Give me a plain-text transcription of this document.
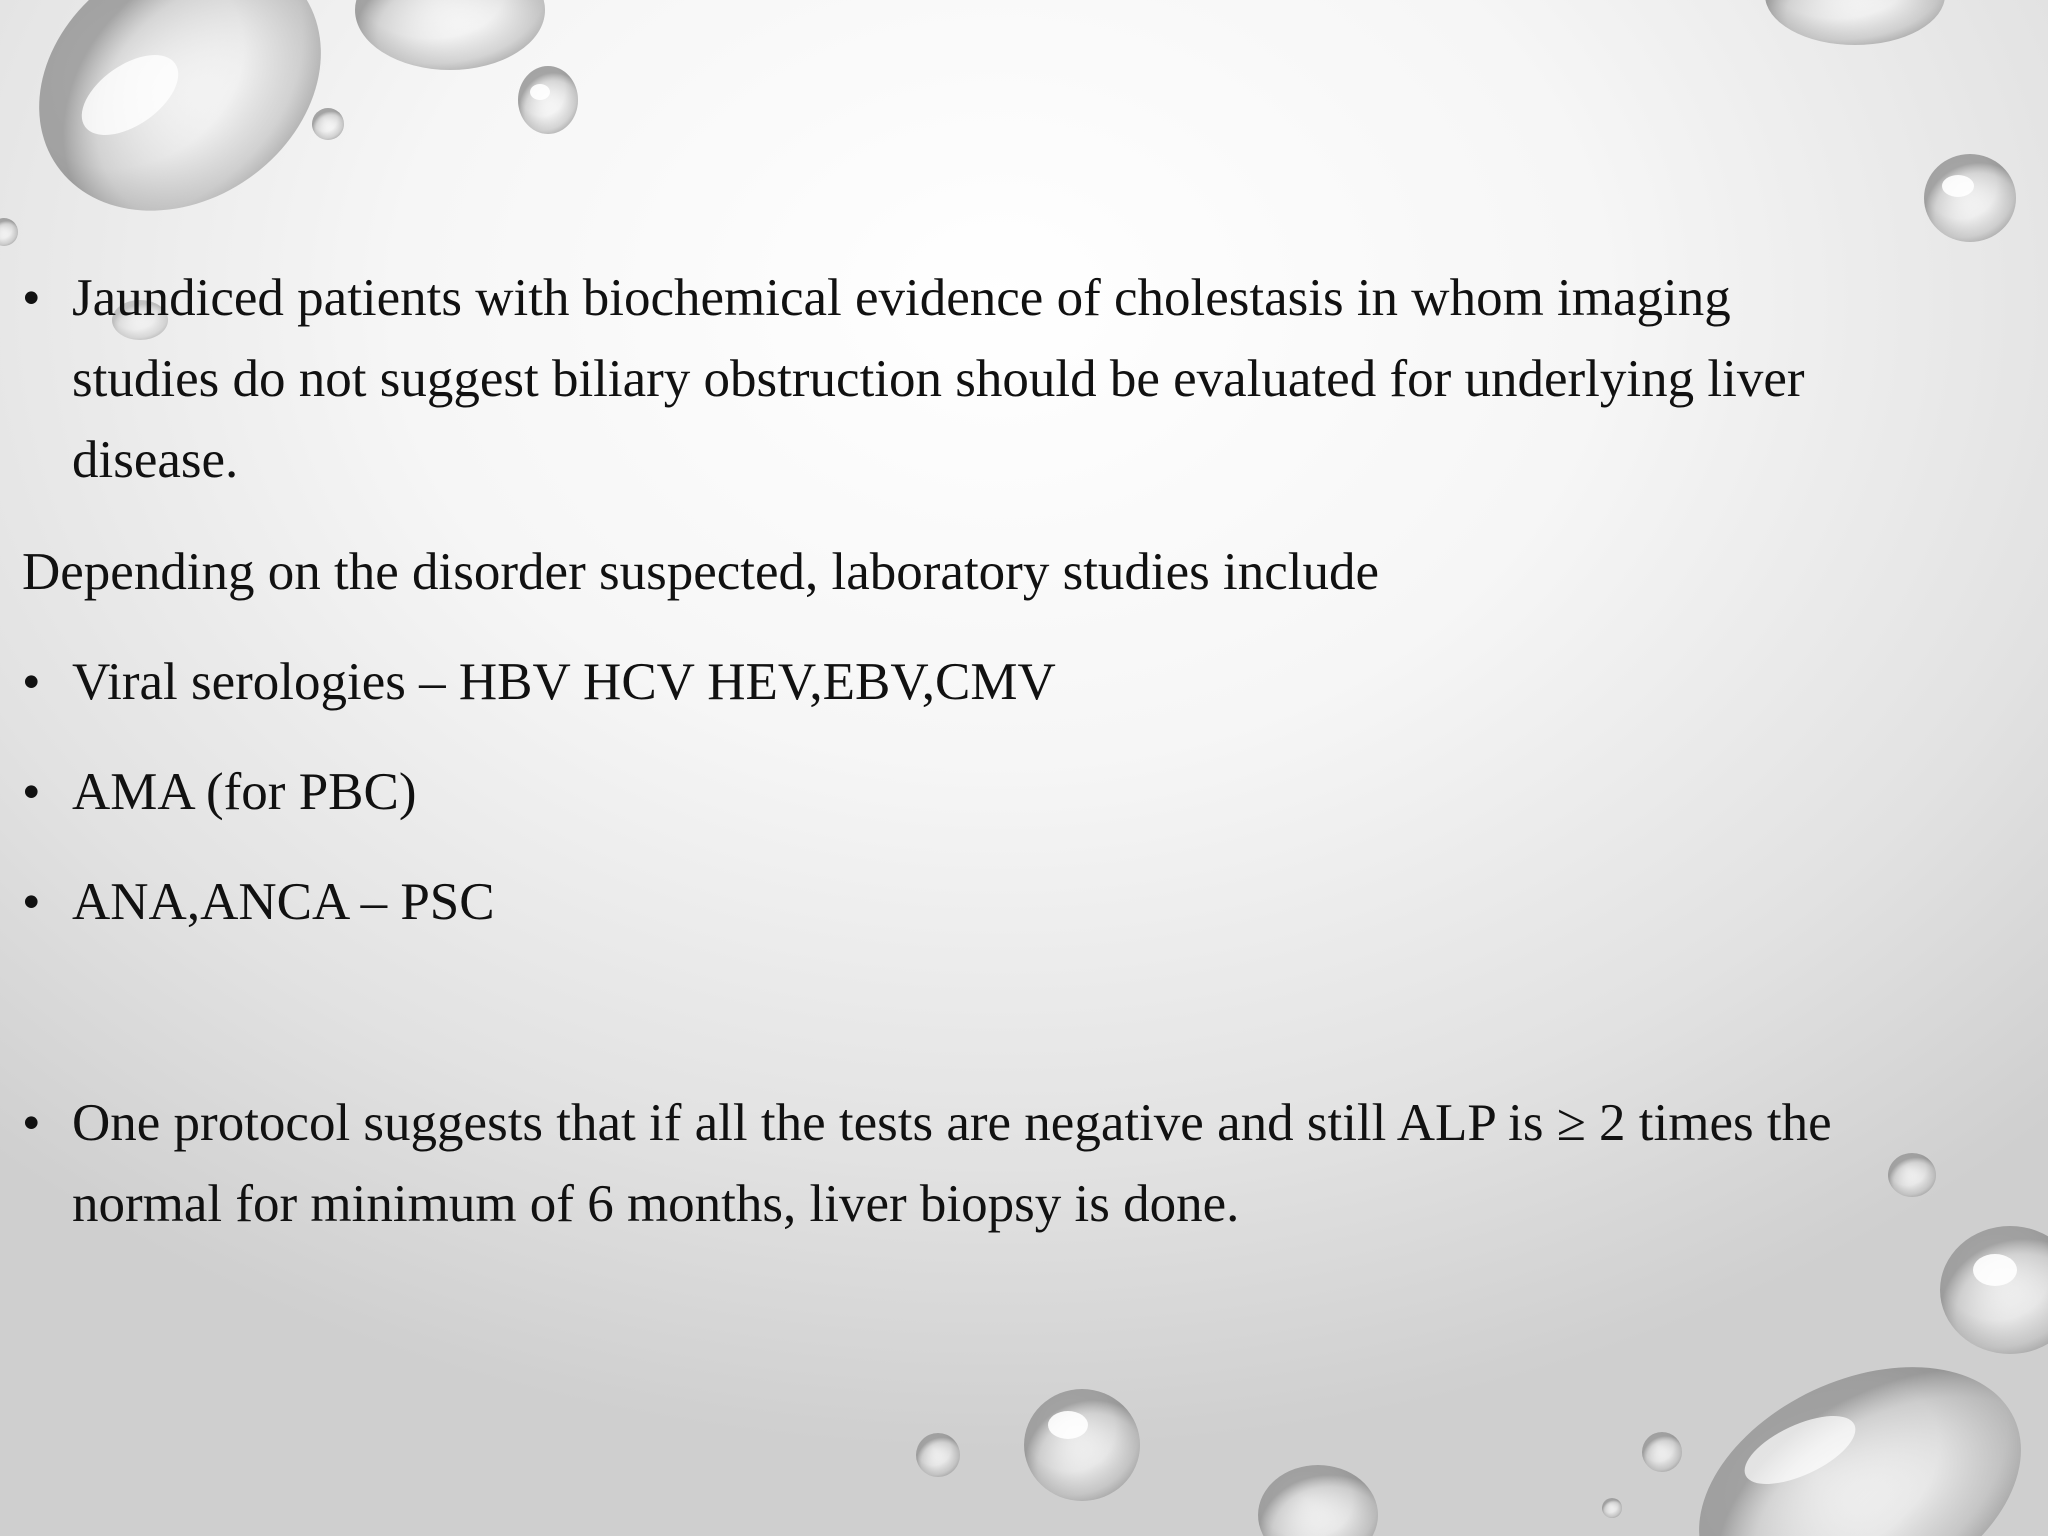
• Jaundiced patients with biochemical evidence of cholestasis in whom imaging
studies do not suggest biliary obstruction should be evaluated for underlying liver
disease.
Depending on the disorder suspected, laboratory studies include
• Viral serologies – HBV HCV HEV,EBV,CMV
• AMA (for PBC)
• ANA,ANCA – PSC
• One protocol suggests that if all the tests are negative and still ALP is ≥ 2 times the
normal for minimum of 6 months, liver biopsy is done.
